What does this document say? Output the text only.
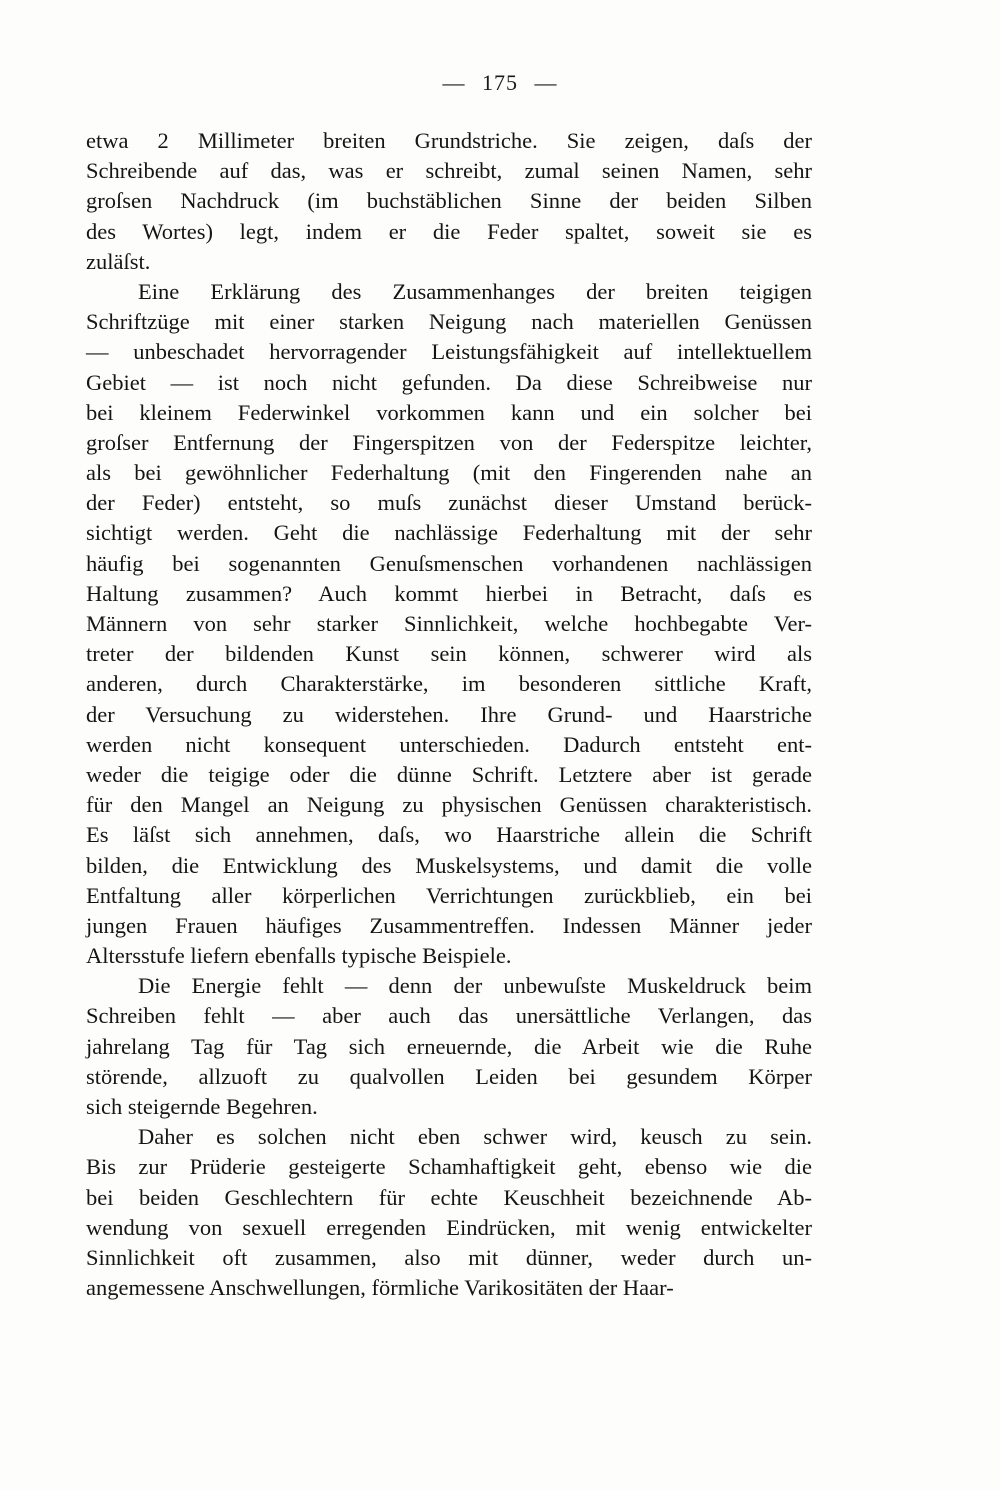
— 175 —
etwa 2 Millimeter breiten Grundstriche. Sie zeigen, daſs der
Schreibende auf das, was er schreibt, zumal seinen Namen, sehr
groſsen Nachdruck (im buchstäblichen Sinne der beiden Silben
des Wortes) legt, indem er die Feder spaltet, soweit sie es
zuläſst.
Eine Erklärung des Zusammenhanges der breiten teigigen
Schriftzüge mit einer starken Neigung nach materiellen Genüssen
— unbeschadet hervorragender Leistungsfähigkeit auf intellektuellem
Gebiet — ist noch nicht gefunden. Da diese Schreibweise nur
bei kleinem Federwinkel vorkommen kann und ein solcher bei
groſser Entfernung der Fingerspitzen von der Federspitze leichter,
als bei gewöhnlicher Federhaltung (mit den Fingerenden nahe an
der Feder) entsteht, so muſs zunächst dieser Umstand berück-
sichtigt werden. Geht die nachlässige Federhaltung mit der sehr
häufig bei sogenannten Genuſsmenschen vorhandenen nachlässigen
Haltung zusammen? Auch kommt hierbei in Betracht, daſs es
Männern von sehr starker Sinnlichkeit, welche hochbegabte Ver-
treter der bildenden Kunst sein können, schwerer wird als
anderen, durch Charakterstärke, im besonderen sittliche Kraft,
der Versuchung zu widerstehen. Ihre Grund- und Haarstriche
werden nicht konsequent unterschieden. Dadurch entsteht ent-
weder die teigige oder die dünne Schrift. Letztere aber ist gerade
für den Mangel an Neigung zu physischen Genüssen charakteristisch.
Es läſst sich annehmen, daſs, wo Haarstriche allein die Schrift
bilden, die Entwicklung des Muskelsystems, und damit die volle
Entfaltung aller körperlichen Verrichtungen zurückblieb, ein bei
jungen Frauen häufiges Zusammentreffen. Indessen Männer jeder
Altersstufe liefern ebenfalls typische Beispiele.
Die Energie fehlt — denn der unbewuſste Muskeldruck beim
Schreiben fehlt — aber auch das unersättliche Verlangen, das
jahrelang Tag für Tag sich erneuernde, die Arbeit wie die Ruhe
störende, allzuoft zu qualvollen Leiden bei gesundem Körper
sich steigernde Begehren.
Daher es solchen nicht eben schwer wird, keusch zu sein.
Bis zur Prüderie gesteigerte Schamhaftigkeit geht, ebenso wie die
bei beiden Geschlechtern für echte Keuschheit bezeichnende Ab-
wendung von sexuell erregenden Eindrücken, mit wenig entwickelter
Sinnlichkeit oft zusammen, also mit dünner, weder durch un-
angemessene Anschwellungen, förmliche Varikositäten der Haar-
